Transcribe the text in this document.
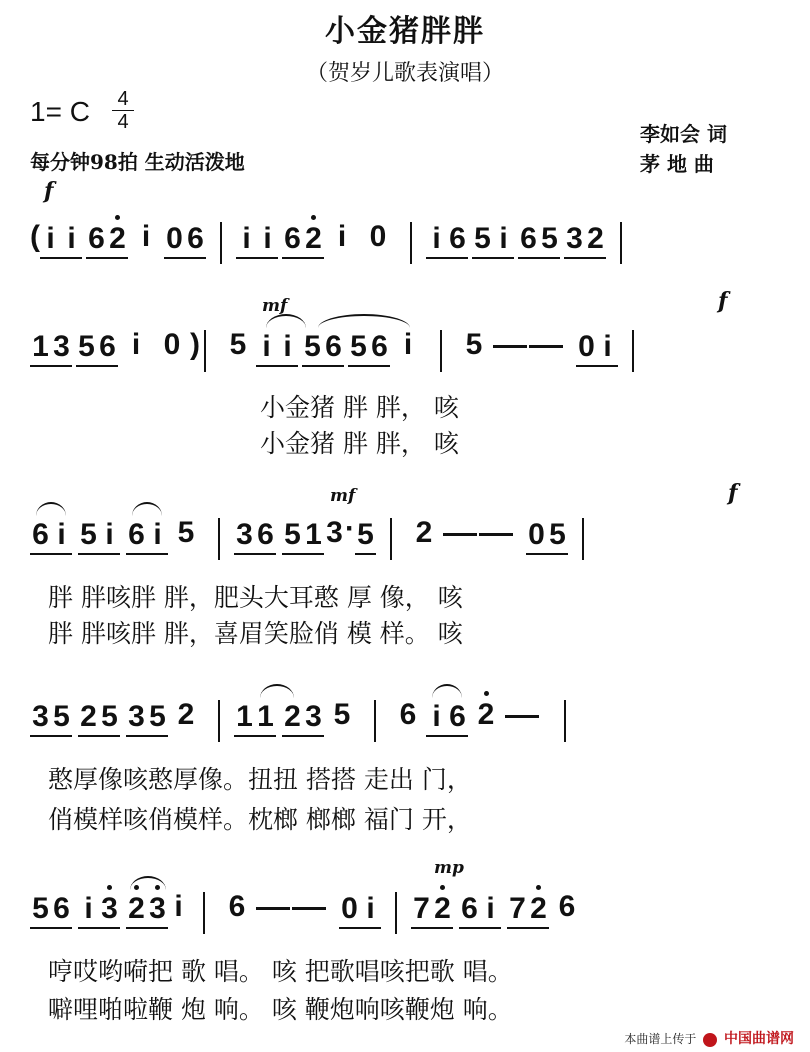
小金猪胖胖
（贺岁儿歌表演唱）
1= C 4
4
每分钟98拍 生动活泼地
李如会 词
茅 地 曲
f
mf	f
mf	f
mp
( i i 6 2 i 0 6 i i 6 2 i 0	i 6 5 i 6 5 3 2
1 3 5 6 i 0 ) 5 i i 5 6 5 6 i	5	0 i
小金猪 胖 胖， 咳
小金猪 胖 胖， 咳
6 i 5 i 6 i 5	3 6 5 1 3 · 5	2	0 5
胖 胖咳胖 胖，肥头大耳憨 厚 像， 咳
胖 胖咳胖 胖，喜眉笑脸俏 模 样。 咳
3 5 2 5 3 5 2	1 1 2 3 5	6 i 6 2
憨厚像咳憨厚像。扭扭 搭搭 走出 门，
俏模样咳俏模样。枕榔 榔榔 福门 开，
5 6 i 3 2 3 i	6	0 i 7 2 6 i 7 2 6
哼哎哟嗬把 歌 唱。 咳 把歌唱咳把歌 唱。
噼哩啪啦鞭 炮 响。 咳 鞭炮响咳鞭炮 响。
本曲谱上传于 中国曲谱网
